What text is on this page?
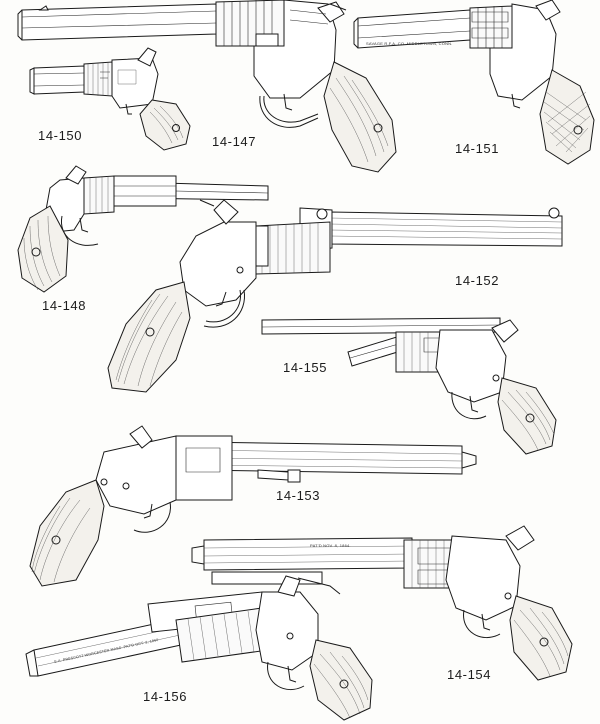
14-150	14-147
SAVAGE R.F.A. CO. MIDDLETOWN, CONN.
14-151
14-148
14-152
14-155
14-153
PAT'D NOV. 8, 1864.
14-154
E.A. PRESCOTT WORCESTER MASS. PAT'D OCT. 2, 1860
14-156
